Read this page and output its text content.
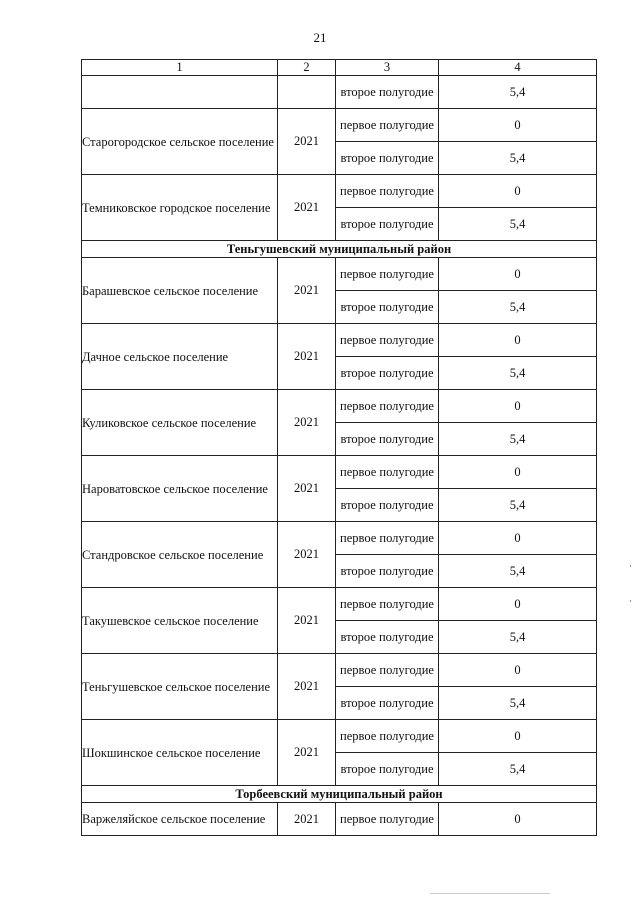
21
1	2	3	4
		второе полугодие	5,4
Старогородское сельское поселение	2021	первое полугодие	0
		второе полугодие	5,4
Темниковское городское поселение	2021	первое полугодие	0
		второе полугодие	5,4
Теньгушевский муниципальный район			
Барашевское сельское поселение	2021	первое полугодие	0
		второе полугодие	5,4
Дачное сельское поселение	2021	первое полугодие	0
		второе полугодие	5,4
Куликовское сельское поселение	2021	первое полугодие	0
		второе полугодие	5,4
Нароватовское сельское поселение	2021	первое полугодие	0
		второе полугодие	5,4
Стандровское сельское поселение	2021	первое полугодие	0
		второе полугодие	5,4
Такушевское сельское поселение	2021	первое полугодие	0
		второе полугодие	5,4
Теньгушевское сельское поселение	2021	первое полугодие	0
		второе полугодие	5,4
Шокшинское сельское поселение	2021	первое полугодие	0
		второе полугодие	5,4
Торбеевский муниципальный район			
Варжеляйское сельское поселение	2021	первое полугодие	0
